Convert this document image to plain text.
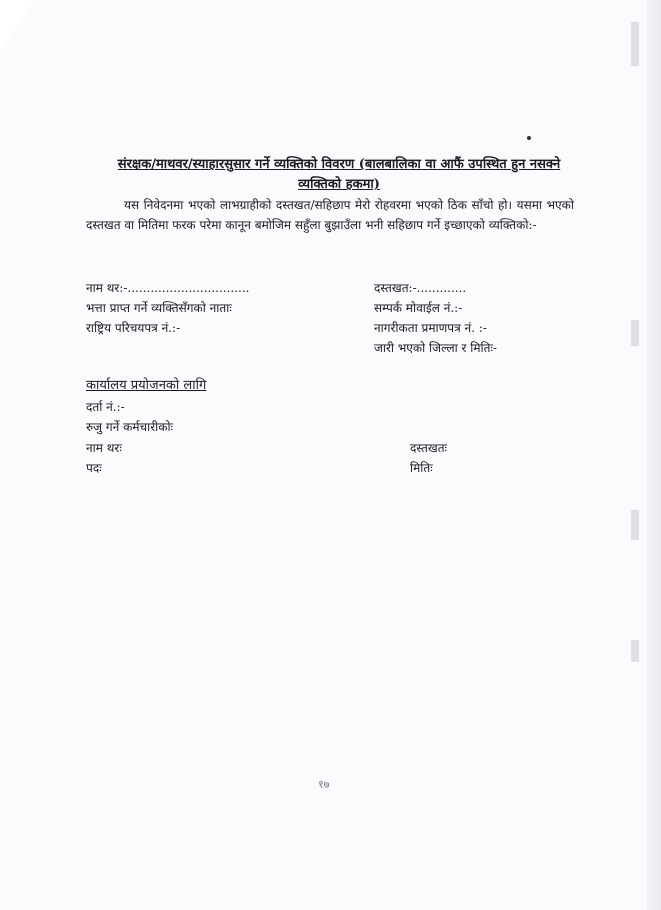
संरक्षक/माथवर/स्याहारसुसार गर्ने व्यक्तिको विवरण (बालबालिका वा आफैं उपस्थित हुन नसक्ने व्यक्तिको हकमा)
यस निवेदनमा भएको लाभग्राहीको दस्तखत/सहिछाप मेरो रोहवरमा भएको ठिक साँचो हो। यसमा भएको दस्तखत वा मितिमा फरक परेमा कानून बमोजिम सहुँला बुझाउँला भनी सहिछाप गर्ने इच्छाएको व्यक्तिको:-
नाम थर:-................................
भत्ता प्राप्त गर्ने व्यक्तिसँगको नाताः
राष्ट्रिय परिचयपत्र नं.:-
दस्तखत:-.............
सम्पर्क मोवाईल नं.:-
नागरीकता प्रमाणपत्र नं. :-
जारी भएको जिल्ला र मितिः-
कार्यालय प्रयोजनको लागि
दर्ता नं.:-
रुजु गर्ने कर्मचारीकोः
नाम थरः
पदः
दस्तखतः
मितिः
१७
